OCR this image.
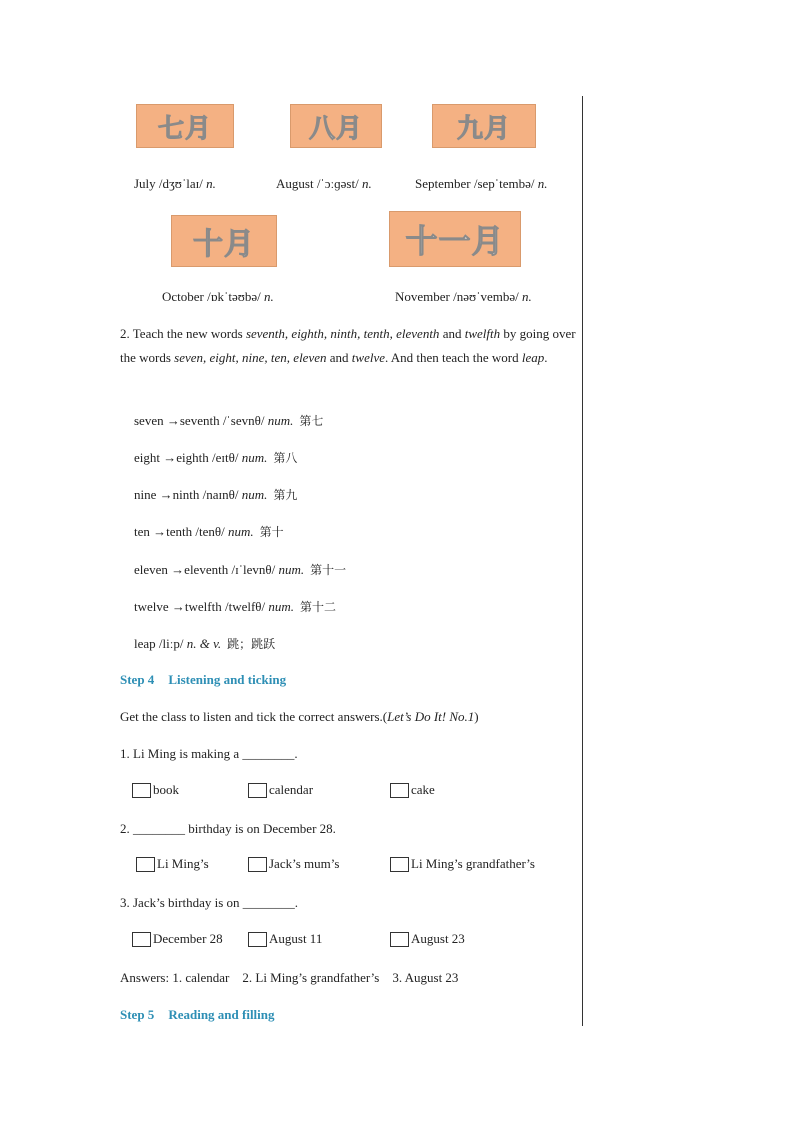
七月	八月	九月
July /dʒʊˈlaɪ/ n.	August /ˈɔːɡəst/ n.	September /sepˈtembə/ n.
十月	十一月
October /ɒkˈtəʊbə/ n.	November /nəʊˈvembə/ n.
2. Teach the new words seventh, eighth, ninth, tenth, eleventh and twelfth by going over the words seven, eight, nine, ten, eleven and twelve. And then teach the word leap.
seven →seventh /ˈsevnθ/ num. 第七
eight →eighth /eɪtθ/ num. 第八
nine →ninth /naɪnθ/ num. 第九
ten →tenth /tenθ/ num. 第十
eleven →eleventh /ɪˈlevnθ/ num. 第十一
twelve →twelfth /twelfθ/ num. 第十二
leap /liːp/ n. & v. 跳；跳跃
Step 4 Listening and ticking
Get the class to listen and tick the correct answers.(Let’s Do It! No.1)
1. Li Ming is making a ________.
book	calendar	cake
2. ________ birthday is on December 28.
Li Ming’s	Jack’s mum’s	Li Ming’s grandfather’s
3. Jack’s birthday is on ________.
December 28	August 11	August 23
Answers: 1. calendar    2. Li Ming’s grandfather’s    3. August 23
Step 5 Reading and filling
